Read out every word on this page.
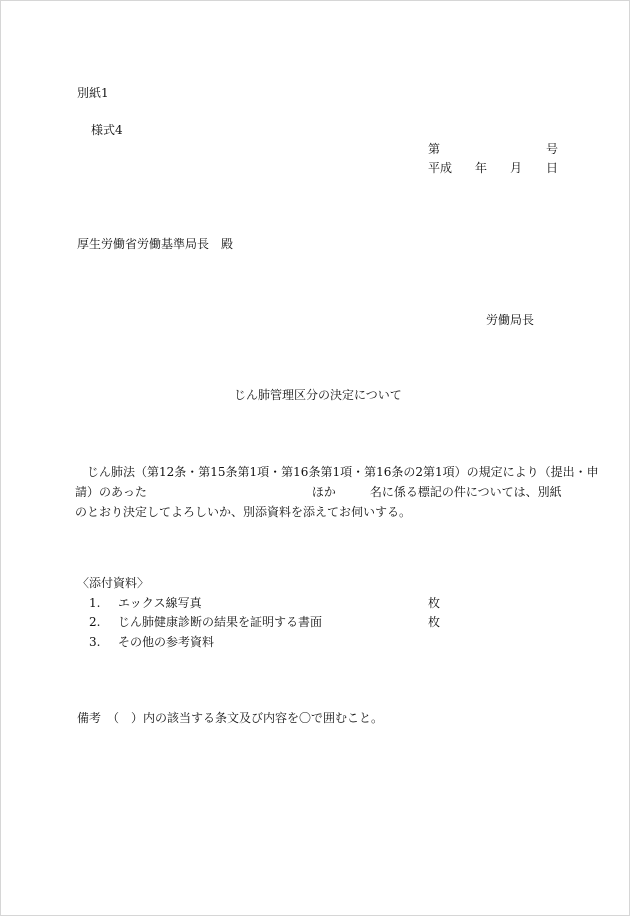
別紙1
様式4
第	号
平成 年 月 日
厚生労働省労働基準局長　殿
労働局長
じん肺管理区分の決定について
　じん肺法（第12条・第15条第1項・第16条第1項・第16条の2第1項）の規定により（提出・申
請）のあった	ほか	名に係る標記の件については、別紙
のとおり決定してよろしいか、別添資料を添えてお伺いする。
〈添付資料〉
1. エックス線写真	枚
2. じん肺健康診断の結果を証明する書面	枚
3. その他の参考資料
備考　（　）内の該当する条文及び内容を〇で囲むこと。
